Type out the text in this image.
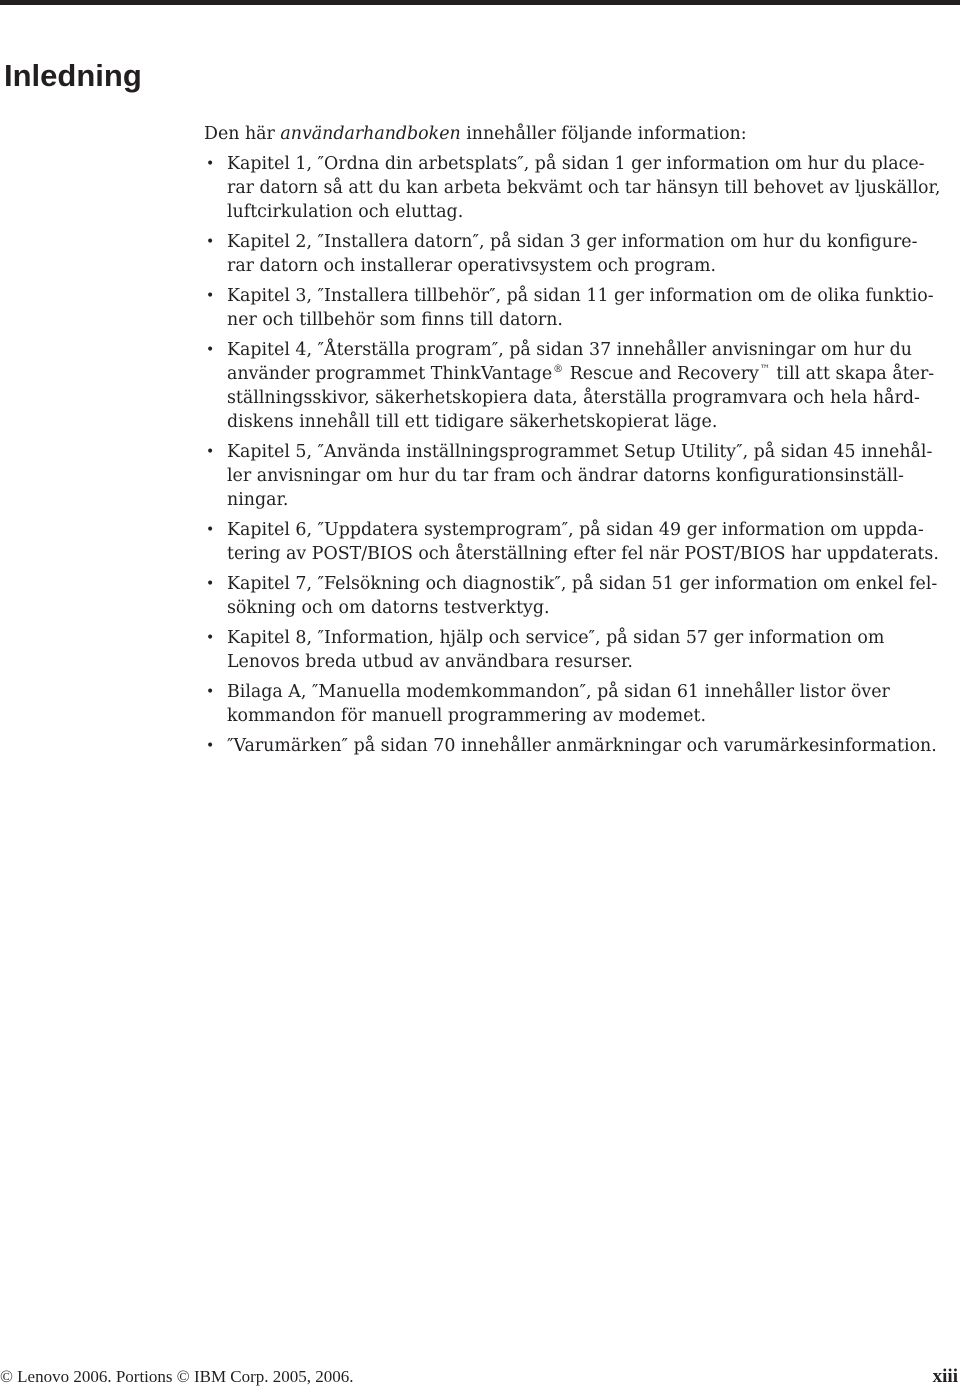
Inledning

Den här användarhandboken innehåller följande information:

• Kapitel 1, ″Ordna din arbetsplats″, på sidan 1 ger information om hur du place-
rar datorn så att du kan arbeta bekvämt och tar hänsyn till behovet av ljuskällor,
luftcirkulation och eluttag.
• Kapitel 2, ″Installera datorn″, på sidan 3 ger information om hur du konfigure-
rar datorn och installerar operativsystem och program.
• Kapitel 3, ″Installera tillbehör″, på sidan 11 ger information om de olika funktio-
ner och tillbehör som finns till datorn.
• Kapitel 4, ″Återställa program″, på sidan 37 innehåller anvisningar om hur du
använder programmet ThinkVantage® Rescue and Recovery™ till att skapa åter-
ställningsskivor, säkerhetskopiera data, återställa programvara och hela hård-
diskens innehåll till ett tidigare säkerhetskopierat läge.
• Kapitel 5, ″Använda inställningsprogrammet Setup Utility″, på sidan 45 innehål-
ler anvisningar om hur du tar fram och ändrar datorns konfigurationsinställ-
ningar.
• Kapitel 6, ″Uppdatera systemprogram″, på sidan 49 ger information om uppda-
tering av POST/BIOS och återställning efter fel när POST/BIOS har uppdaterats.
• Kapitel 7, ″Felsökning och diagnostik″, på sidan 51 ger information om enkel fel-
sökning och om datorns testverktyg.
• Kapitel 8, ″Information, hjälp och service″, på sidan 57 ger information om
Lenovos breda utbud av användbara resurser.
• Bilaga A, ″Manuella modemkommandon″, på sidan 61 innehåller listor över
kommandon för manuell programmering av modemet.
• ″Varumärken″ på sidan 70 innehåller anmärkningar och varumärkesinformation.
© Lenovo 2006. Portions © IBM Corp. 2005, 2006.	xiii
